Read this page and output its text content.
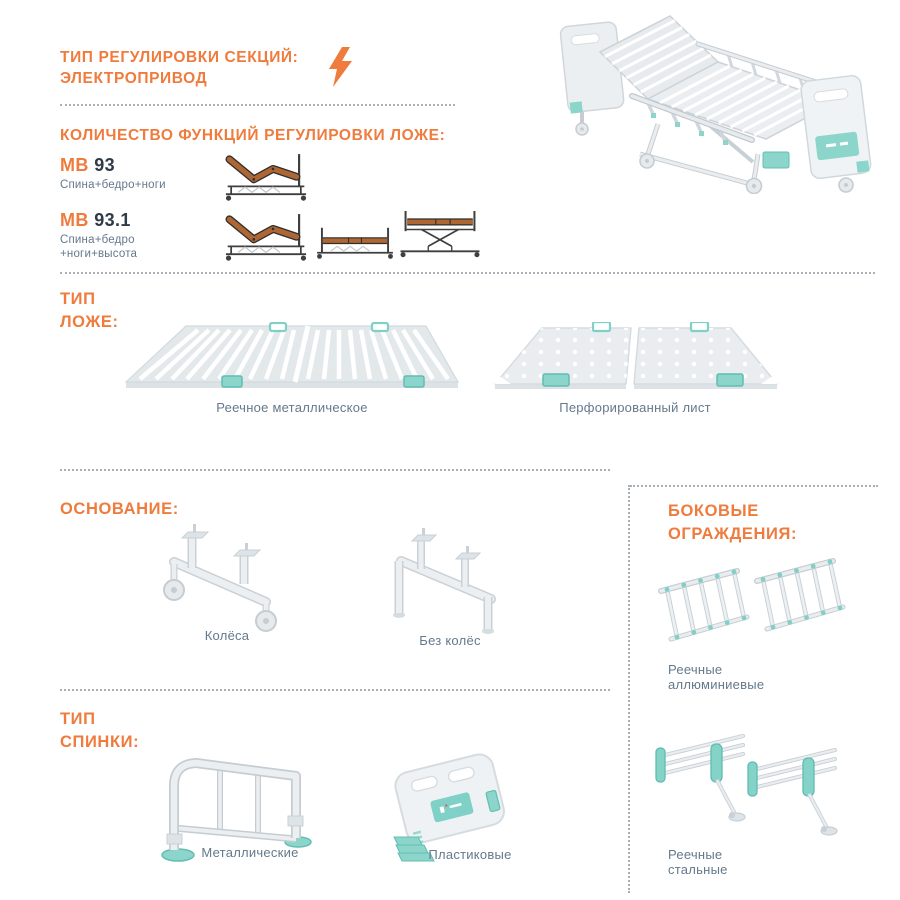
ТИП РЕГУЛИРОВКИ СЕКЦИЙ:
ЭЛЕКТРОПРИВОД
КОЛИЧЕСТВО ФУНКЦИЙ РЕГУЛИРОВКИ ЛОЖЕ:
МВ 93
Спина+бедро+ноги
МВ 93.1
Спина+бедро
+ноги+высота
ТИП
ЛОЖЕ:
Реечное металлическое	Перфорированный лист
ОСНОВАНИЕ:
Колёса	Без колёс
ТИП
СПИНКИ:
Металлические	Пластиковые
БОКОВЫЕ
ОГРАЖДЕНИЯ:
Реечные
аллюминиевые
Реечные
стальные
